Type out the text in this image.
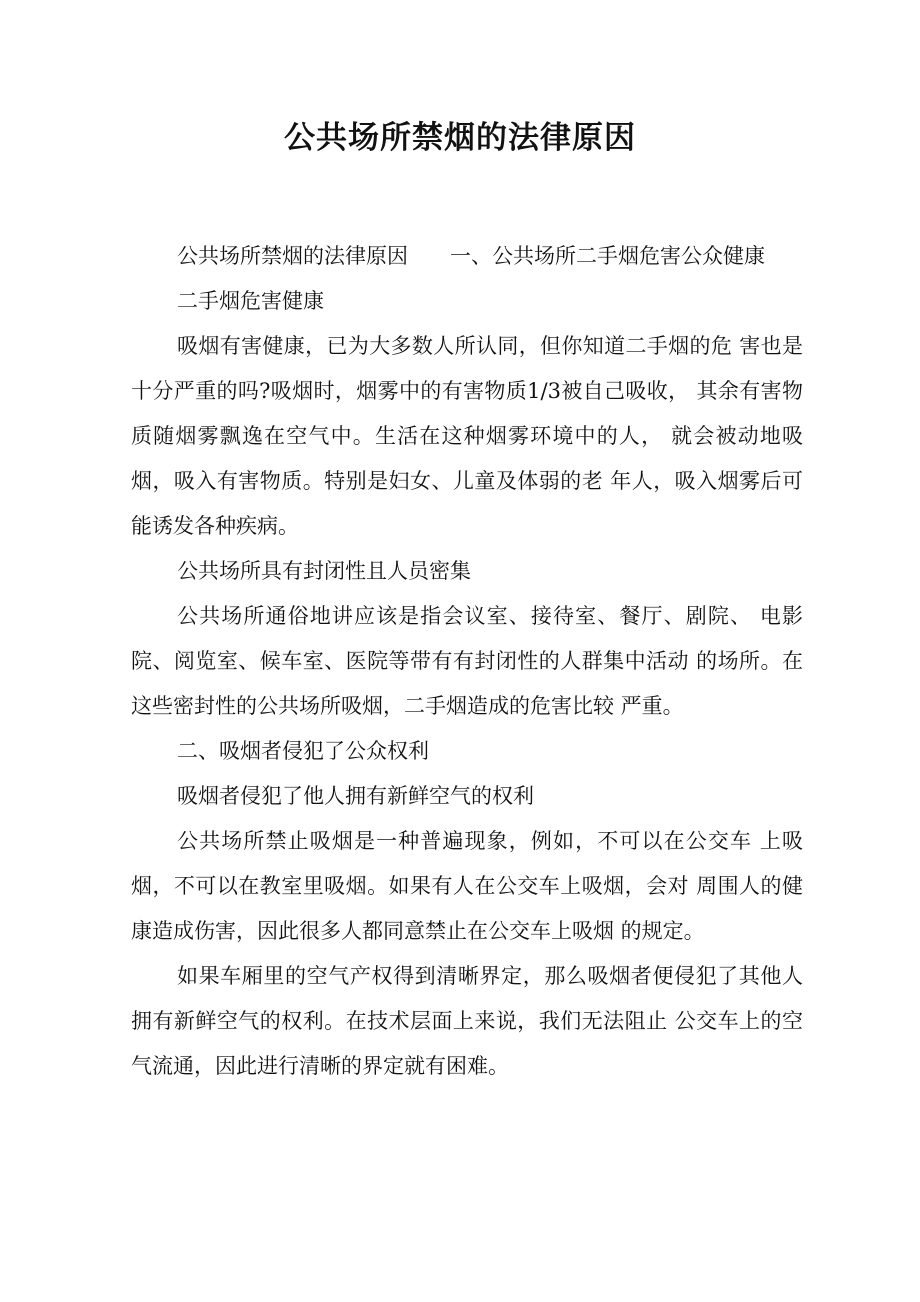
公共场所禁烟的法律原因

公共场所禁烟的法律原因　　一、公共场所二手烟危害公众健康

二手烟危害健康

吸烟有害健康，已为大多数人所认同，但你知道二手烟的危 害也是十分严重的吗?吸烟时，烟雾中的有害物质1/3被自己吸收， 其余有害物质随烟雾飘逸在空气中。生活在这种烟雾环境中的人， 就会被动地吸烟，吸入有害物质。特别是妇女、儿童及体弱的老 年人，吸入烟雾后可能诱发各种疾病。

公共场所具有封闭性且人员密集

公共场所通俗地讲应该是指会议室、接待室、餐厅、剧院、 电影院、阅览室、候车室、医院等带有有封闭性的人群集中活动 的场所。在这些密封性的公共场所吸烟，二手烟造成的危害比较 严重。

二、吸烟者侵犯了公众权利

吸烟者侵犯了他人拥有新鲜空气的权利

公共场所禁止吸烟是一种普遍现象，例如，不可以在公交车 上吸烟，不可以在教室里吸烟。如果有人在公交车上吸烟，会对 周围人的健康造成伤害，因此很多人都同意禁止在公交车上吸烟 的规定。

如果车厢里的空气产权得到清晰界定，那么吸烟者便侵犯了其他人拥有新鲜空气的权利。在技术层面上来说，我们无法阻止 公交车上的空气流通，因此进行清晰的界定就有困难。
